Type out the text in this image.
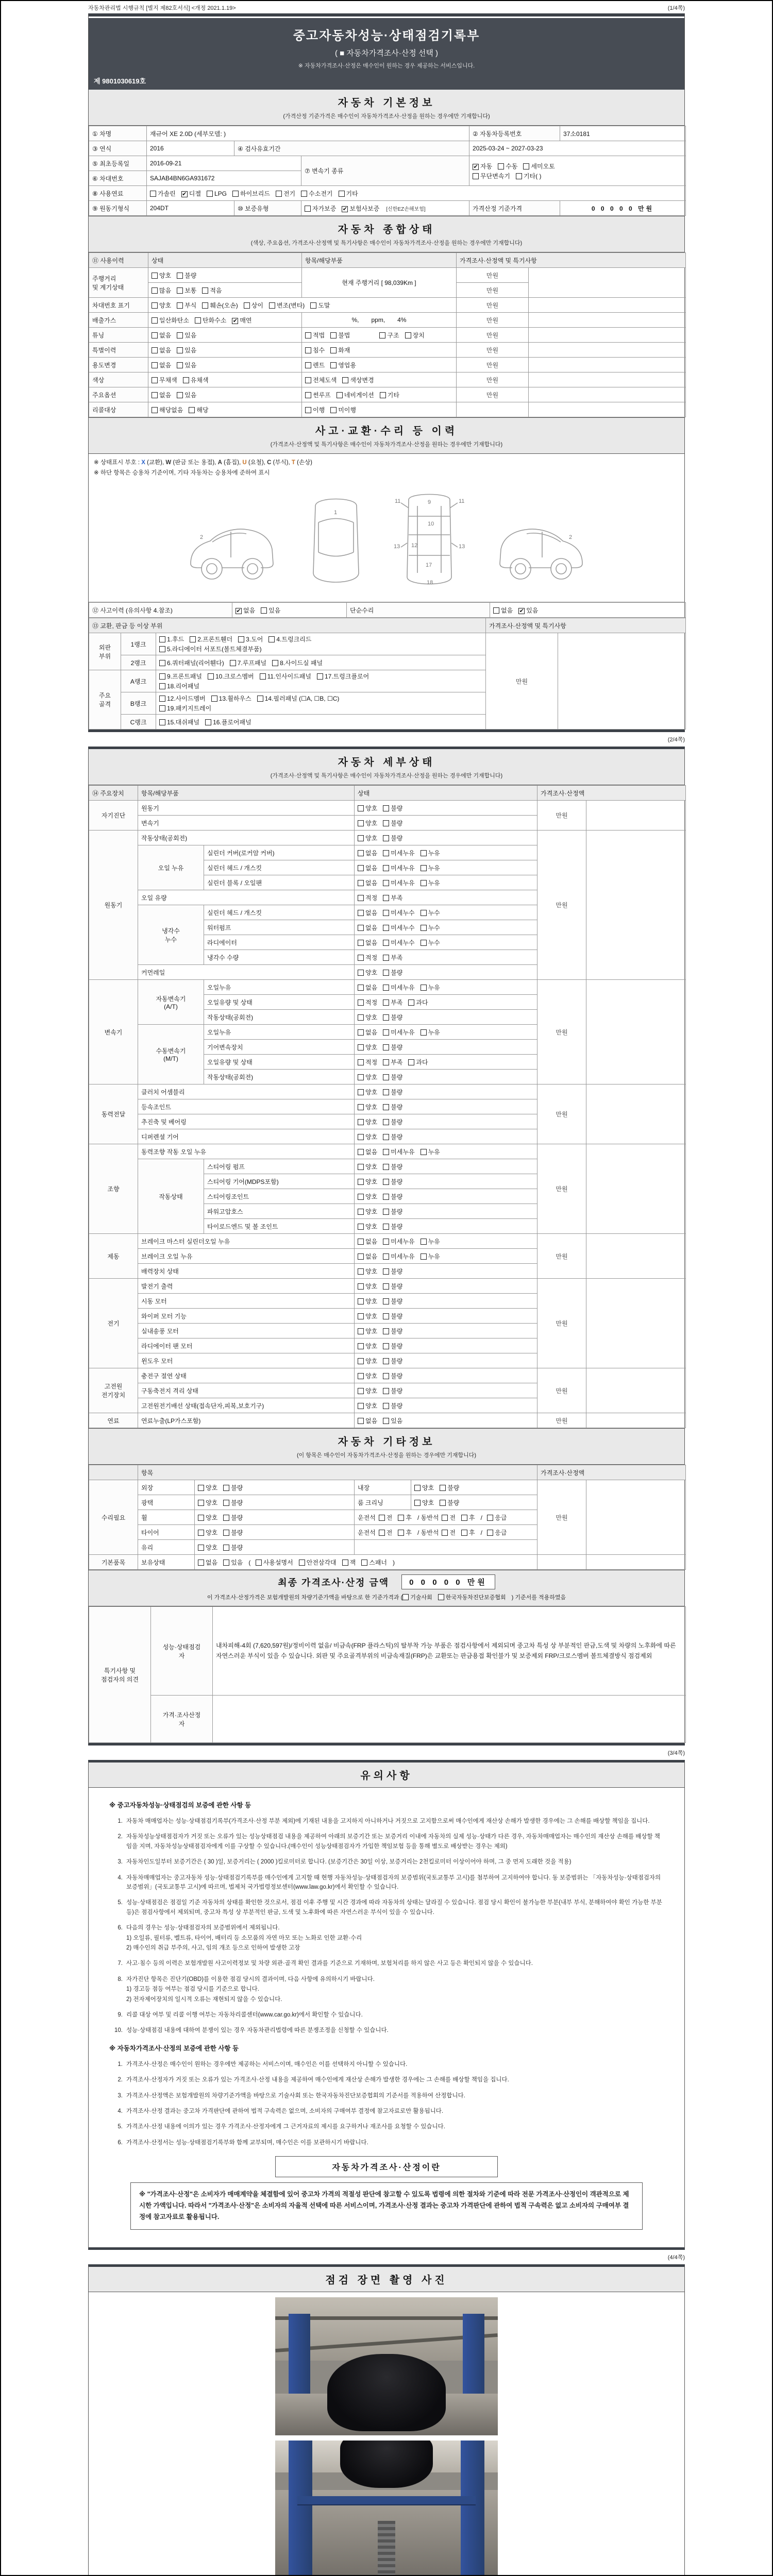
자동차관리법 시행규칙 [별지 제82호서식] <개정 2021.1.19>	(1/4쪽)
중고자동차성능·상태점검기록부
( ■ 자동차가격조사·산정 선택 )
※ 자동차가격조사·산정은 매수인이 원하는 경우 제공하는 서비스입니다.
제 9801030619호
자동차 기본정보
(가격산정 기준가격은 매수인이 자동차가격조사·산정을 원하는 경우에만 기재합니다)
① 차명	재규어 XE 2.0D (세부모델: )			② 자동차등록번호	37소0181
③ 연식	2016	④ 검사유효기간		2025-03-24 ~ 2027-03-23	
⑤ 최초등록일	2016-09-21		⑦ 변속기 종류	✔ 자동 수동 세미오토
무단변속기 기타( )	

⑥ 차대번호	SAJAB4BN6GA931672				
⑧ 사용연료	가솔린 ✔ 디젤 LPG 하이브리드 전기 수소전기 기타				
⑨ 원동기형식	204DT	⑩ 보증유형	자가보증 ✔ 보험사보증 [신한EZ손해보험]	가격산정 기준가격	0 0 0 0 0 만원
자동차 종합상태
(색상, 주요옵션, 가격조사·산정액 및 특기사항은 매수인이 자동차가격조사·산정을 원하는 경우에만 기재합니다)
⑪ 사용이력	상태	항목/해당부품	가격조사·산정액 및 특기사항	
주행거리
및 계기상태	양호 불량	현재 주행거리 [ 98,039Km ]	만원	
	많음 보통 적음		만원	
차대번호 표기	양호 부식 훼손(오손) 상이 변조(변타) 도말		만원	
배출가스	일산화탄소 탄화수소 ✔ 매연	%,  ppm,  4%	만원	
튜닝	없음 있음	적법 불법 구조 장치	만원	
특별이력	없음 있음	침수 화재	만원	
용도변경	없음 있음	렌트 영업용	만원	
색상	무채색 유채색	전체도색 색상변경	만원	
주요옵션	없음 있음	썬루프 네비게이션 기타	만원	
리콜대상	해당없음 해당	이행 미이행		
사고·교환·수리 등 이력
(가격조사·산정액 및 특기사항은 매수인이 자동차가격조사·산정을 원하는 경우에만 기재합니다)
※ 상태표시 부호 : X (교환), W (판금 또는 용접), A (흠집), U (요철), C (부식), T (손상)
※ 하단 항목은 승용차 기준이며, 기타 자동차는 승용차에 준하여 표시
2
1
9
11	11
10
12
13	13
17
18
2
⑫ 사고이력 (유의사항 4.참조)	✔ 없음 있음	단순수리	없음 ✔ 있음
⑬ 교환, 판금 등 이상 부위			가격조사·산정액 및 특기사항	
외판
부위	1랭크	
1.후드 2.프론트휀더 3.도어 4.트렁크리드
5.라디에이터 서포트(볼트체결부품)
	만원	
	2랭크	6.쿼터패널(리어휀다) 7.루프패널 8.사이드실 패널		
주요
골격	A랭크	
9.프론트패널 10.크로스멤버 11.인사이드패널 17.트렁크플로어
18.리어패널

	B랭크	12.사이드멤버 13.휠하우스 14.필러패널 (☐A, ☐B, ☐C)
19.패키지트레이		

	C랭크	15.대쉬패널 16.플로어패널		
(2/4쪽)
자동차 세부상태
(가격조사·산정액 및 특기사항은 매수인이 자동차가격조사·산정을 원하는 경우에만 기재합니다)
⑭ 주요장치	항목/해당부품		상태	가격조사·산정액	
자기진단	원동기		양호 불량	만원	
	변속기		양호 불량		
원동기	작동상태(공회전)		양호 불량	만원	
	오일 누유	실린더 커버(로커암 커버)	없음 미세누유 누유		
		실린더 헤드 / 개스킷	없음 미세누유 누유		
		실린더 블록 / 오일팬	없음 미세누유 누유		
	오일 유량		적정 부족		
	냉각수
누수	실린더 헤드 / 개스킷	없음 미세누수 누수		
		워터펌프	없음 미세누수 누수		
		라디에이터	없음 미세누수 누수		
		냉각수 수량	적정 부족		
	커먼레일		양호 불량		
변속기	자동변속기
(A/T)	오일누유	없음 미세누유 누유	만원	
		오일유량 및 상태	적정 부족 과다		
		작동상태(공회전)	양호 불량		
	수동변속기
(M/T)	오일누유	없음 미세누유 누유		
		기어변속장치	양호 불량		
		오일유량 및 상태	적정 부족 과다		
		작동상태(공회전)	양호 불량		
동력전달	클러치 어셈블리		양호 불량	만원	
	등속조인트		양호 불량		
	추진축 및 베어링		양호 불량		
	디퍼렌셜 기어		양호 불량		
조향	동력조향 작동 오일 누유		없음 미세누유 누유	만원	
	작동상태	스티어링 펌프	양호 불량		
		스티어링 기어(MDPS포함)	양호 불량		
		스티어링조인트	양호 불량		
		파워고압호스	양호 불량		
		타이로드엔드 및 볼 조인트	양호 불량		
제동	브레이크 마스터 실린더오일 누유		없음 미세누유 누유	만원	
	브레이크 오일 누유		없음 미세누유 누유		
	배력장치 상태		양호 불량		
전기	발전기 출력		양호 불량	만원	
	시동 모터		양호 불량		
	와이퍼 모터 기능		양호 불량		
	실내송풍 모터		양호 불량		
	라디에이터 팬 모터		양호 불량		
	윈도우 모터		양호 불량		
고전원
전기장치	충전구 절연 상태		양호 불량	만원	
	구동축전지 격리 상태		양호 불량		
	고전원전기배선 상태(접속단자,피복,보호기구)		양호 불량		
연료	연료누출(LP가스포함)		없음 있음	만원	
자동차 기타정보
(이 항목은 매수인이 자동차가격조사·산정을 원하는 경우에만 기재합니다)
	항목				가격조사·산정액	
수리필요	외장	양호 불량	내장	양호 불량	만원	
	광택	양호 불량	룸 크리닝	양호 불량		
	휠	양호 불량	운전석 전 후 / 동반석 전 후 / 응급			
	타이어	양호 불량	운전석 전 후 / 동반석 전 후 / 응급			
	유리	양호 불량				
기본품목	보유상태	없음 있음 ( 사용설명서 안전삼각대 잭 스패너 )				
최종 가격조사·산정 금액	0 0 0 0 0 만원
이 가격조사·산정가격은 보험개발원의 차량기준가액을 바탕으로 한 기준가격과 ( 기술사회 한국자동차진단보증협회 ) 기준서를 적용하였음
특기사항 및
점검자의 의견	성능·상태점검
자	내차피해-4회 (7,620,597원)/정비이력 없음/ 비금속(FRP 플라스틱)의 탈부착 가능 부품은 점검사항에서 제외되며 중고차 특성 상 부분적인 판금,도색 및 차량의 노후화에 따른 자연스러운 부식이 있을 수 있습니다. 외판 및 주요골격부위의 비금속재질(FRP)은 교환또는 판금용접 확인불가 및 보증제외 FRP/크로스멤버 볼트체결방식 점검제외
	가격·조사산정
자	
(3/4쪽)
유의사항
※ 중고자동차성능·상태점검의 보증에 관한 사항 등
1. 자동차 매매업자는 성능·상태점검기록부(가격조사·산정 부분 제외)에 기재된 내용을 고지하지 아니하거나 거짓으로 고지함으로써 매수인에게 재산상 손해가 발생한 경우에는 그 손해를 배상할 책임을 집니다.
2. 자동차성능상태점검자가 거짓 또는 오류가 있는 성능상태점검 내용을 제공하여 아래의 보증기간 또는 보증거리 이내에 자동차의 실제 성능·상태가 다른 경우, 자동차매매업자는 매수인의 재산상 손해를 배상할 책임을 지며, 자동차성능상태점검자에게 이를 구상할 수 있습니다.(매수인이 성능상태점검자가 가입한 책임보험 등을 통해 별도로 배상받는 경우는 제외)
3. 자동차인도일부터 보증기간은 ( 30 )일, 보증거리는 ( 2000 )킬로미터로 합니다. (보증기간은 30일 이상, 보증거리는 2천킬로미터 이상이어야 하며, 그 중 먼저 도래한 것을 적용)
4. 자동차매매업자는 중고자동차 성능·상태점검기록부를 매수인에게 고지할 때 현행 자동차성능·상태점검자의 보증범위(국토교통부 고시)를 첨부하여 고지하여야 합니다. 동 보증범위는 「자동차성능·상태점검자의 보증범위」(국토교통부 고시)에 따르며, 법제처 국가법령정보센터(www.law.go.kr)에서 확인할 수 있습니다.
5. 성능·상태점검은 점검일 기준 자동차의 상태를 확인한 것으로서, 점검 이후 주행 및 시간 경과에 따라 자동차의 상태는 달라질 수 있습니다. 점검 당시 확인이 불가능한 부분(내부 부식, 분해하여야 확인 가능한 부분 등)은 점검사항에서 제외되며, 중고차 특성 상 부분적인 판금, 도색 및 노후화에 따른 자연스러운 부식이 있을 수 있습니다.
6. 다음의 경우는 성능·상태점검자의 보증범위에서 제외됩니다.
1) 오일류, 필터류, 벨트류, 타이어, 배터리 등 소모품의 자연 마모 또는 노화로 인한 교환·수리
2) 매수인의 취급 부주의, 사고, 임의 개조 등으로 인하여 발생한 고장
7. 사고·침수 등의 이력은 보험개발원 사고이력정보 및 차량 외관·골격 확인 결과를 기준으로 기재하며, 보험처리를 하지 않은 사고 등은 확인되지 않을 수 있습니다.
8. 자가진단 항목은 진단기(OBD)를 이용한 점검 당시의 결과이며, 다음 사항에 유의하시기 바랍니다.
1) 경고등 점등 여부는 점검 당시를 기준으로 합니다.
2) 전자제어장치의 일시적 오류는 재현되지 않을 수 있습니다.
9. 리콜 대상 여부 및 리콜 이행 여부는 자동차리콜센터(www.car.go.kr)에서 확인할 수 있습니다.
10. 성능·상태점검 내용에 대하여 분쟁이 있는 경우 자동차관리법령에 따른 분쟁조정을 신청할 수 있습니다.
※ 자동차가격조사·산정의 보증에 관한 사항 등
1. 가격조사·산정은 매수인이 원하는 경우에만 제공하는 서비스이며, 매수인은 이를 선택하지 아니할 수 있습니다.
2. 가격조사·산정자가 거짓 또는 오류가 있는 가격조사·산정 내용을 제공하여 매수인에게 재산상 손해가 발생한 경우에는 그 손해를 배상할 책임을 집니다.
3. 가격조사·산정액은 보험개발원의 차량기준가액을 바탕으로 기술사회 또는 한국자동차진단보증협회의 기준서를 적용하여 산정합니다.
4. 가격조사·산정 결과는 중고차 가격판단에 관하여 법적 구속력은 없으며, 소비자의 구매여부 결정에 참고자료로만 활용됩니다.
5. 가격조사·산정 내용에 이의가 있는 경우 가격조사·산정자에게 그 근거자료의 제시를 요구하거나 재조사를 요청할 수 있습니다.
6. 가격조사·산정서는 성능·상태점검기록부와 함께 교부되며, 매수인은 이를 보관하시기 바랍니다.
자동차가격조사·산정이란
※ "가격조사·산정"은 소비자가 매매계약을 체결함에 있어 중고차 가격의 적절성 판단에 참고할 수 있도록 법령에 의한 절차와 기준에 따라 전문 가격조사·산정인이 객관적으로 제시한 가액입니다. 따라서 "가격조사·산정"은 소비자의 자율적 선택에 따른 서비스이며, 가격조사·산정 결과는 중고차 가격판단에 관하여 법적 구속력은 없고 소비자의 구매여부 결정에 참고자료로 활용됩니다.
(4/4쪽)
점검 장면 촬영 사진
